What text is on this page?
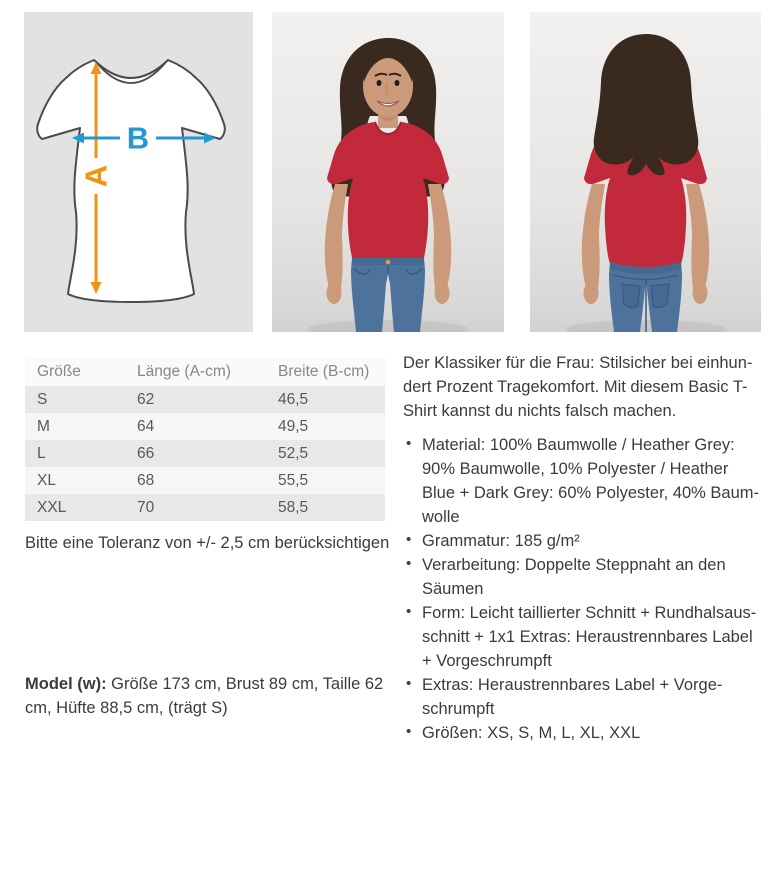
A
B
Größe	Länge (A-cm)	Breite (B-cm)
S	62	46,5
M	64	49,5
L	66	52,5
XL	68	55,5
XXL	70	58,5

Bitte eine Toleranz von +/- 2,5 cm berücksichtigen

Model (w): Größe 173 cm, Brust 89 cm, Taille 62 cm, Hüfte 88,5 cm, (trägt S)

Der Klassiker für die Frau: Stilsicher bei einhundert Prozent Tragekomfort. Mit diesem Basic T-Shirt kannst du nichts falsch machen.

• Material: 100% Baumwolle / Heather Grey: 90% Baumwolle, 10% Polyester / Heather Blue + Dark Grey: 60% Polyester, 40% Baumwolle
• Grammatur: 185 g/m²
• Verarbeitung: Doppelte Steppnaht an den Säumen
• Form: Leicht taillierter Schnitt + Rundhalsausschnitt + 1x1 Extras: Heraustrennbares Label + Vorgeschrumpft
• Extras: Heraustrennbares Label + Vorgeschrumpft
• Größen: XS, S, M, L, XL, XXL
